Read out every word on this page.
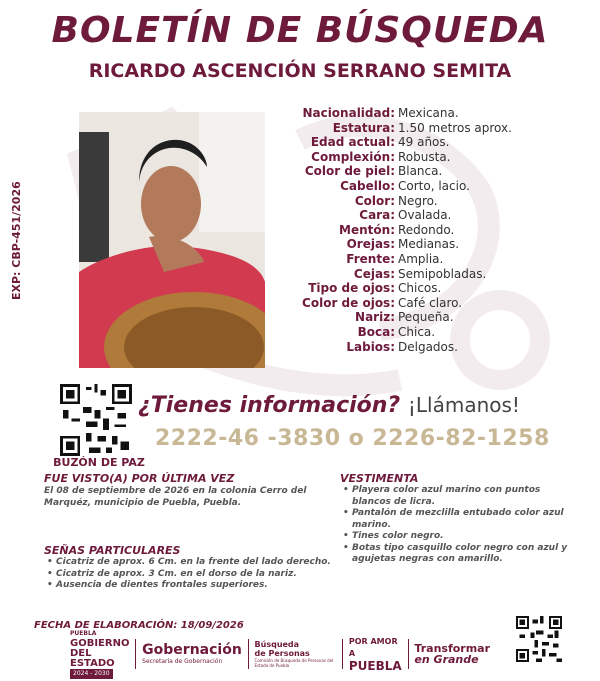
BOLETÍN DE BÚSQUEDA
RICARDO ASCENCIÓN SERRANO SEMITA
EXP: CBP-451/2026
Nacionalidad: Mexicana.
Estatura: 1.50 metros aprox.
Edad actual: 49 años.
Complexión: Robusta.
Color de piel: Blanca.
Cabello: Corto, lacio.
Color: Negro.
Cara: Ovalada.
Mentón: Redondo.
Orejas: Medianas.
Frente: Amplia.
Cejas: Semipobladas.
Tipo de ojos: Chicos.
Color de ojos: Café claro.
Nariz: Pequeña.
Boca: Chica.
Labios: Delgados.
BUZÓN DE PAZ
¿Tienes información? ¡Llámanos!
2222-46 -3830 o 2226-82-1258
FUE VISTO(A) POR ÚLTIMA VEZ
El 08 de septiembre de 2026 en la colonia Cerro del Marquéz, municipio de Puebla, Puebla.
SEÑAS PARTICULARES
• Cicatriz de aprox. 6 Cm. en la frente del lado derecho.
• Cicatriz de aprox. 3 Cm. en el dorso de la nariz.
• Ausencia de dientes frontales superiores.
VESTIMENTA
• Playera color azul marino con puntos blancos de licra.
• Pantalón de mezclilla entubado color azul marino.
• Tines color negro.
• Botas tipo casquillo color negro con azul y agujetas negras con amarillo.
FECHA DE ELABORACIÓN: 18/09/2026
PUEBLA
GOBIERNO
DEL ESTADO
2024 - 2030
Gobernación
Secretaría de Gobernación
Búsqueda
de Personas
Comisión de Búsqueda de Personas del Estado de Puebla
POR AMOR A
PUEBLA
Transformar
en Grande
